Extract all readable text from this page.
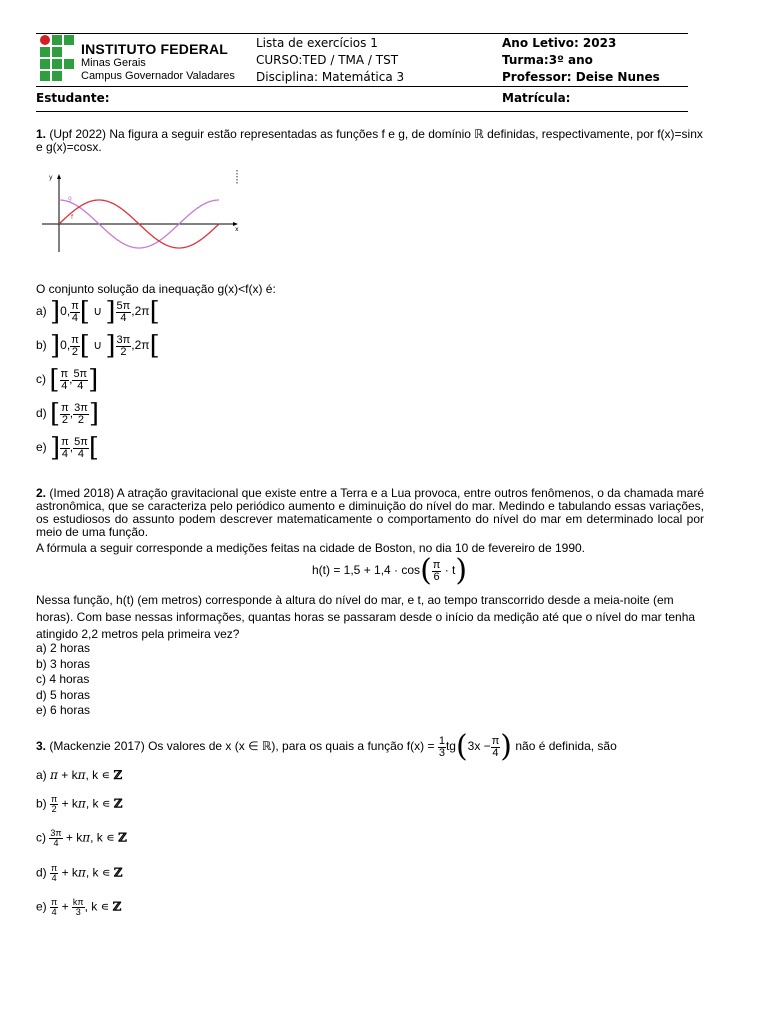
INSTITUTO FEDERAL
Minas Gerais
Campus Governador Valadares
Lista de exercícios 1
CURSO:TED / TMA / TST
Disciplina: Matemática 3
Ano Letivo: 2023
Turma:3º ano
Professor: Deise Nunes
Estudante:	Matrícula:
1. (Upf 2022) Na figura a seguir estão representadas as funções f e g, de domínio ℝ definidas, respectivamente, por f(x)=sinx e g(x)=cosx.
y
x
g
f
O conjunto solução da inequação g(x)<f(x) é:
a) ]0, $\frac{\pi}{4}$ [ ∪ ] $\frac{5\pi}{4} ,2\pi$[
b) ]0, $\frac{\pi}{2}$ [ ∪ ] $\frac{3\pi}{2} ,2\pi$[
c) [ $\frac{\pi}{4}$ , $\frac{5\pi}{4}$ ]
d) [ $\frac{\pi}{2}$ , $\frac{3\pi}{2}$ ]
e) ] $\frac{\pi}{4}$ , $\frac{5\pi}{4}$ [
2. (Imed 2018) A atração gravitacional que existe entre a Terra e a Lua provoca, entre outros fenômenos, o da chamada maré astronômica, que se caracteriza pelo periódico aumento e diminuição do nível do mar. Medindo e tabulando essas variações, os estudiosos do assunto podem descrever matematicamente o comportamento do nível do mar em determinado local por meio de uma função.
A fórmula a seguir corresponde a medições feitas na cidade de Boston, no dia 10 de fevereiro de 1990.
$h(t) = 1,5 + 1,4 \cdot \cos( \frac{\pi}{6} \cdot t)$
Nessa função, h(t) (em metros) corresponde à altura do nível do mar, e t, ao tempo transcorrido desde a meia-noite (em horas). Com base nessas informações, quantas horas se passaram desde o início da medição até que o nível do mar tenha atingido 2,2 metros pela primeira vez?
a) 2 horas
b) 3 horas
c) 4 horas
d) 5 horas
e) 6 horas
3. (Mackenzie 2017) Os valores de x (x ∈ ℝ), para os quais a função $f(x) = \frac{1}{3} tg(3x - \frac{\pi}{4}$ ) não é definida, são
a) π + kπ, k ∊ ℤ
$b) \frac{\pi}{2} + k\pi$, k ∊ ℤ
$c) \frac{3\pi}{4} + k\pi$, k ∊ ℤ
$d) \frac{\pi}{4} + k\pi$, k ∊ ℤ
$e) \frac{\pi}{4} + \frac{k\pi}{3}$ , k ∊ ℤ
